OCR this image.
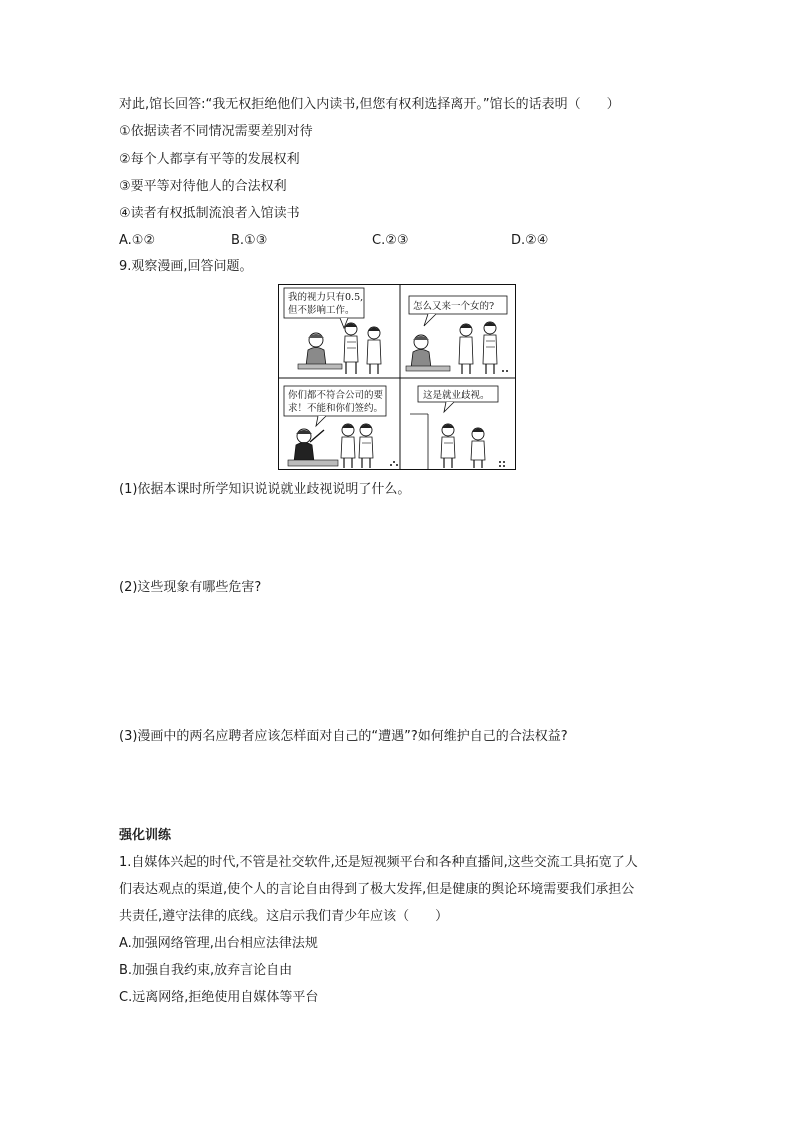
对此,馆长回答:“我无权拒绝他们入内读书,但您有权利选择离开。”馆长的话表明（　　）
①依据读者不同情况需要差别对待
②每个人都享有平等的发展权利
③要平等对待他人的合法权利
④读者有权抵制流浪者入馆读书
A.①②	B.①③	C.②③	D.②④
9.观察漫画,回答问题。
我的视力只有0.5,
但不影响工作。	怎么又来一个女的?
你们都不符合公司的要
求！不能和你们签约。
这是就业歧视。
(1)依据本课时所学知识说说就业歧视说明了什么。
(2)这些现象有哪些危害?
(3)漫画中的两名应聘者应该怎样面对自己的“遭遇”?如何维护自己的合法权益?
强化训练
1.自媒体兴起的时代,不管是社交软件,还是短视频平台和各种直播间,这些交流工具拓宽了人
们表达观点的渠道,使个人的言论自由得到了极大发挥,但是健康的舆论环境需要我们承担公
共责任,遵守法律的底线。这启示我们青少年应该（　　）
A.加强网络管理,出台相应法律法规
B.加强自我约束,放弃言论自由
C.远离网络,拒绝使用自媒体等平台
